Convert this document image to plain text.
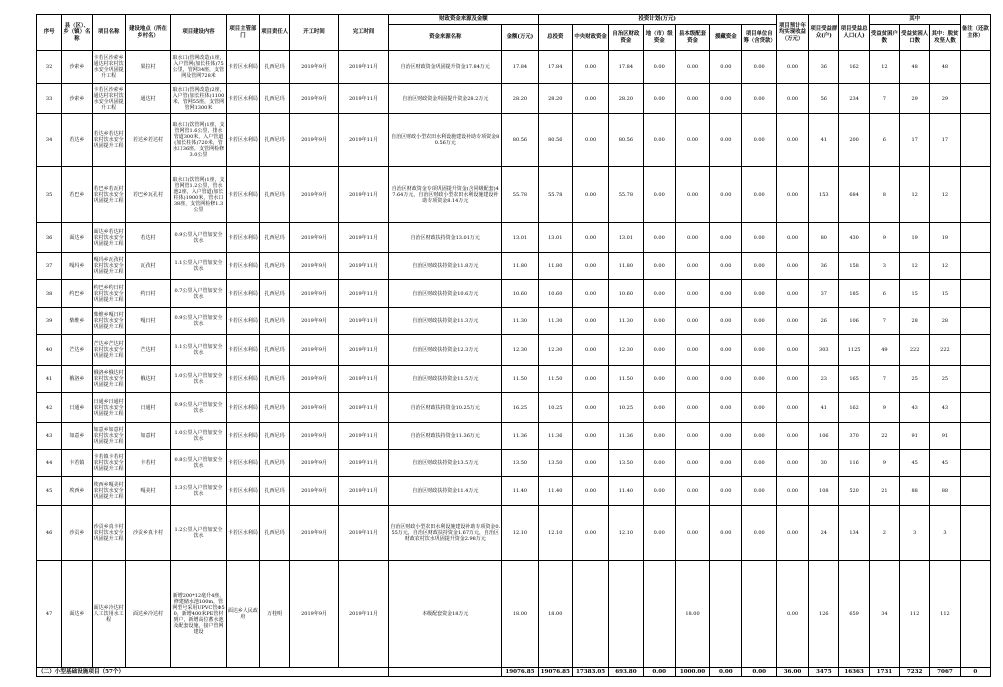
序号	县（区）、乡（镇）名称	项目名称	建设地点（所在乡村名）	项目建设内容	项目主管部门	项目责任人	开工时间	完工时间	财政资金来源及金额		投资计划(万元)							项目预计年均实现收益（万元）	项目受益群众(户)	项目受益总人口(人)	其中			备注（还款主体）
									资金来源名称	金额(万元)	总投资	中央财政资金	自治区财政资金	地（市）级资金	县本级配套资金	援藏资金	项目单位自筹（含贷款）				受益贫困户数	受益贫困人口数	其中：脱贫攻坚人数	
32	沙索乡	卡若区沙索乡通达村农村饮水安全巩固提升工程	果拉村	取水口(管网改造)1座，入户管网(加长柱体)75公里，管网34座，支管网及管网728米	卡若区水利局	扎西尼玛	2019年9月	2019年11月	自治区财政资金巩固提升资金17.84万元	17.84	17.84	0.00	17.84	0.00	0.00	0.00	0.00	0.00	36	162	12	48	48	
33	沙索乡	卡若区沙索乡通达村农村饮水安全巩固提升工程	通达村	取水口(管网改造)2座，入户管(加长柱体)1100米，管网55座，支管网管网1300米	卡若区水利局	扎西尼玛	2019年9月	2019年11月	自治区财政资金巩固提升资金28.2万元	28.20	28.20	0.00	28.20	0.00	0.00	0.00	0.00	0.00	56	234	7	29	29	
34	若达乡	若达乡若达村农村饮水安全巩固提升工程	若达乡若达村	取水口(饮管网)1座，支管网管1.6公里，排水管道300米，入户管道(加长柱体)720米，管水口36座，支管网检修3.0公里	卡若区水利局	扎西尼玛	2019年9月	2019年11月	自治区财政小型农田水利设施建设补助专项资金80.56万元	80.56	80.56	0.00	80.56	0.00	0.00	0.00	0.00	0.00	41	200	6	17	17	
35	若巴乡	若巴乡若瓦村农村饮水安全巩固提升工程	若巴乡瓦孔村	取水口(饮管网)1座，支管网管1.2公里，管水池2座，入户管道(加长柱体)1900米，管水口38座，支管网检修1.3公里	卡若区水利局	扎西尼玛	2019年9月	2019年11月	自治区财政资金专项巩固提升资金(含同级配套)47.64万元，自治区财政小型农田水利设施建设补助专项资金8.14万元	55.78	55.78	0.00	55.78	0.00	0.00	0.00	0.00	0.00	153	684	8	12	12	
36	面达乡	面达乡若达村农村饮水安全巩固提升工程	若达村	0.9公里入户管加安全饮水	卡若区水利局	扎西尼玛	2019年9月	2019年11月	自治区财政扶持资金13.01万元	13.01	13.01	0.00	13.01	0.00	0.00	0.00	0.00	0.00	80	430	9	19	19	
37	嘎玛乡	嘎玛乡瓦孜村农村饮水安全巩固提升工程	瓦孜村	1.1公里入户管加安全饮水	卡若区水利局	扎西尼玛	2019年9月	2019年11月	自治区财政扶持资金11.8万元	11.80	11.80	0.00	11.80	0.00	0.00	0.00	0.00	0.00	36	158	3	12	12	
38	约巴乡	约巴乡约日村农村饮水安全巩固提升工程	约日村	0.7公里入户管加安全饮水	卡若区水利局	扎西尼玛	2019年9月	2019年11月	自治区财政扶持资金10.6万元	10.60	10.60	0.00	10.60	0.00	0.00	0.00	0.00	0.00	37	185	6	15	15	
39	柴维乡	柴维乡嘎日村农村饮水安全巩固提升工程	嘎日村	0.9公里入户管加安全饮水	卡若区水利局	扎西尼玛	2019年9月	2019年11月	自治区财政扶持资金11.3万元	11.30	11.30	0.00	11.30	0.00	0.00	0.00	0.00	0.00	26	106	7	28	28	
40	芒达乡	芒达乡芒达村农村饮水安全巩固提升工程	芒达村	1.1公里入户管加安全饮水	卡若区水利局	扎西尼玛	2019年9月	2019年11月	自治区财政扶持资金12.3万元	12.30	12.30	0.00	12.30	0.00	0.00	0.00	0.00	0.00	303	1125	49	222	222	
41	俄洛乡	俄洛乡俄达村农村饮水安全巩固提升工程	俄达村	1.0公里入户管加安全饮水	卡若区水利局	扎西尼玛	2019年9月	2019年11月	自治区财政扶持资金11.5万元	11.50	11.50	0.00	11.50	0.00	0.00	0.00	0.00	0.00	23	165	7	25	25	
42	日通乡	日通乡日通村农村饮水安全巩固提升工程	日通村	0.9公里入户管加安全饮水	卡若区水利局	扎西尼玛	2019年9月	2019年11月	自治区财政扶持资金10.25万元	16.25	10.25	0.00	10.25	0.00	0.00	0.00	0.00	0.00	41	162	9	43	43	
43	如意乡	如意乡如意村农村饮水安全巩固提升工程	如意村	1.0公里入户管加安全饮水	卡若区水利局	扎西尼玛	2019年9月	2019年11月	自治区财政扶持资金11.36万元	11.36	11.36	0.00	11.36	0.00	0.00	0.00	0.00	0.00	106	370	22	91	91	
44	卡若镇	卡若镇卡若村农村饮水安全巩固提升工程	卡若村	0.8公里入户管加安全饮水	卡若区水利局	扎西尼玛	2019年9月	2019年11月	自治区财政扶持资金13.5万元	13.50	13.50	0.00	13.50	0.00	0.00	0.00	0.00	0.00	30	116	9	45	45	
45	埃西乡	埃西乡嘎美村农村饮水安全巩固提升工程	嘎美村	1.3公里入户管加安全饮水	卡若区水利局	扎西尼玛	2019年9月	2019年11月	自治区财政扶持资金11.4万元	11.40	11.40	0.00	11.40	0.00	0.00	0.00	0.00	0.00	108	520	21	88	88	
46	沙贡乡	沙贡乡真卡村农村饮水安全巩固提升工程	沙贡乡真卡村	1.2公里入户管加安全饮水	卡若区水利局	扎西尼玛	2019年9月	2019年11月	自治区财政小型农田水利设施建设补助专项资金0.55万元，自治区财政扶持资金1.67万元，自治区财政农村饮水巩固提升资金2.98万元	12.10	12.10	0.00	12.10	0.00	0.00	0.00	0.00	0.00	24	134	2	3	3	
47	面达乡	面达乡冷达村人工饮用水工程	面达乡冷达村	新增200*12毫升4座，修建储水池100m，管网型号采用UPVC管Φ50，新增400米PE管材到户，新增高位蓄水池及配套设施，接户管网建设	面达乡人民政府	万桂明	2019年9月	2019年11月	本级配套资金18万元	18.00	18.00				18.00			0.00	126	659	34	112	112	
（二）小型基础设施项目（57个）										19076.85	19076.85	17383.05	693.80	0.00	1000.00	0.00	0.00	36.00	3475	16363	1731	7232	7067	0
